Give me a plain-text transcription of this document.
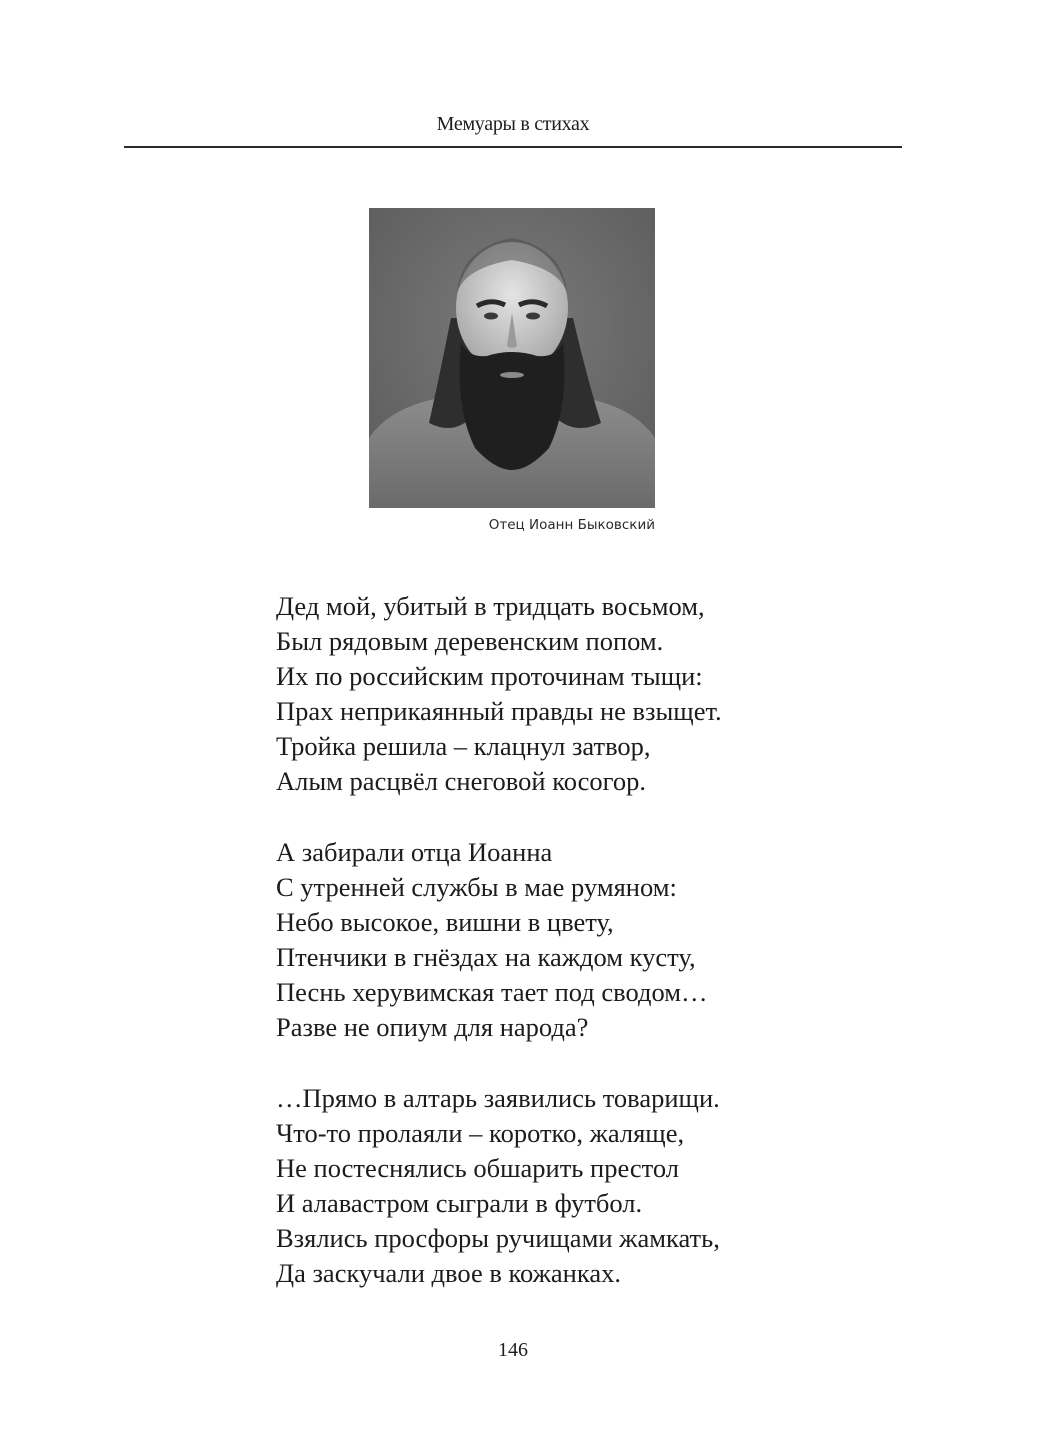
Мемуары в стихах
Отец Иоанн Быковский
Дед мой, убитый в тридцать восьмом,
Был рядовым деревенским попом.
Их по российским проточинам тыщи:
Прах неприкаянный правды не взыщет.
Тройка решила – клацнул затвор,
Алым расцвёл снеговой косогор.
А забирали отца Иоанна
С утренней службы в мае румяном:
Небо высокое, вишни в цвету,
Птенчики в гнёздах на каждом кусту,
Песнь херувимская тает под сводом…
Разве не опиум для народа?
…Прямо в алтарь заявились товарищи.
Что-то пролаяли – коротко, жаляще,
Не постеснялись обшарить престол
И алавастром сыграли в футбол.
Взялись просфоры ручищами жамкать,
Да заскучали двое в кожанках.
146
